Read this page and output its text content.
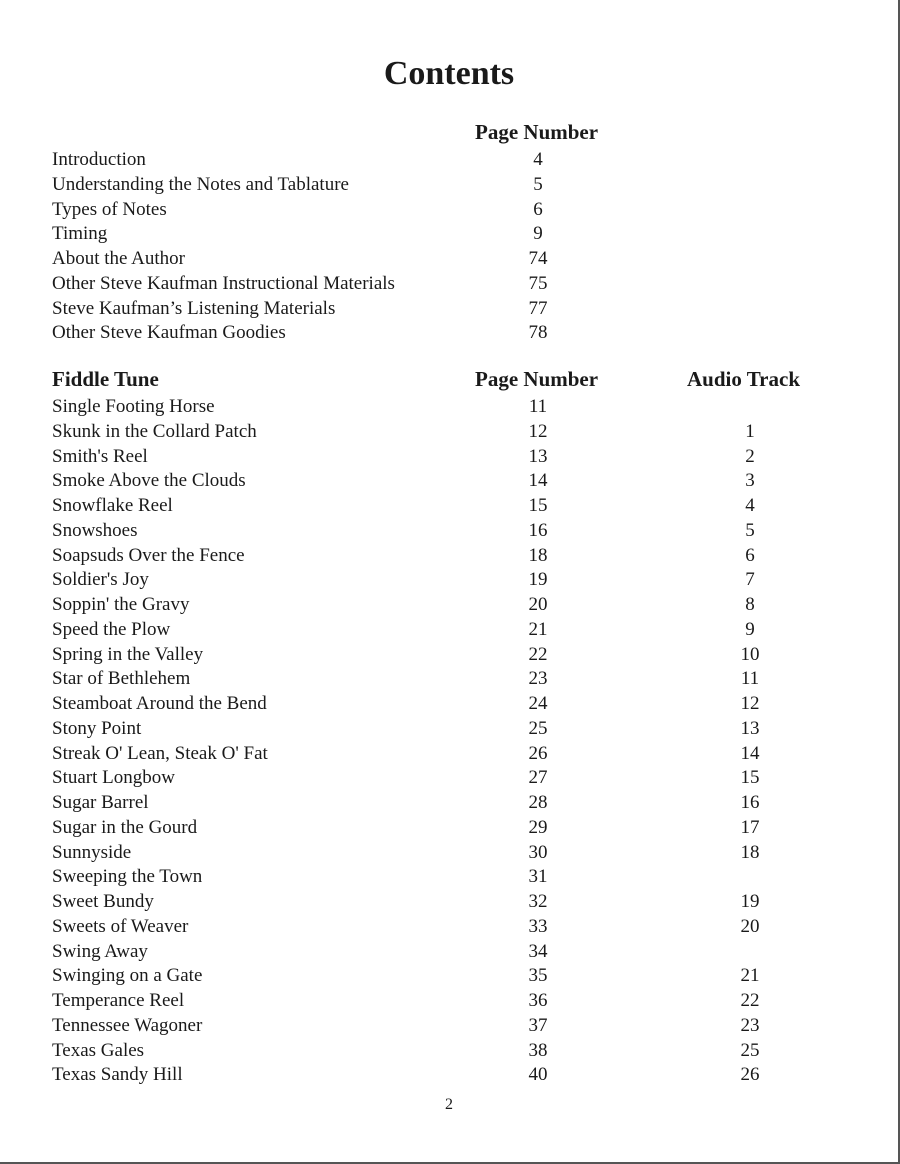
Contents
Page Number
Introduction	4
Understanding the Notes and Tablature	5
Types of Notes	6
Timing	9
About the Author	74
Other Steve Kaufman Instructional Materials	75
Steve Kaufman’s Listening Materials	77
Other Steve Kaufman Goodies	78
Fiddle Tune	Page Number	Audio Track
Single Footing Horse	11
Skunk in the Collard Patch	12	1
Smith's Reel	13	2
Smoke Above the Clouds	14	3
Snowflake Reel	15	4
Snowshoes	16	5
Soapsuds Over the Fence	18	6
Soldier's Joy	19	7
Soppin' the Gravy	20	8
Speed the Plow	21	9
Spring in the Valley	22	10
Star of Bethlehem	23	11
Steamboat Around the Bend	24	12
Stony Point	25	13
Streak O' Lean, Steak O' Fat	26	14
Stuart Longbow	27	15
Sugar Barrel	28	16
Sugar in the Gourd	29	17
Sunnyside	30	18
Sweeping the Town	31
Sweet Bundy	32	19
Sweets of Weaver	33	20
Swing Away	34
Swinging on a Gate	35	21
Temperance Reel	36	22
Tennessee Wagoner	37	23
Texas Gales	38	25
Texas Sandy Hill	40	26
2
